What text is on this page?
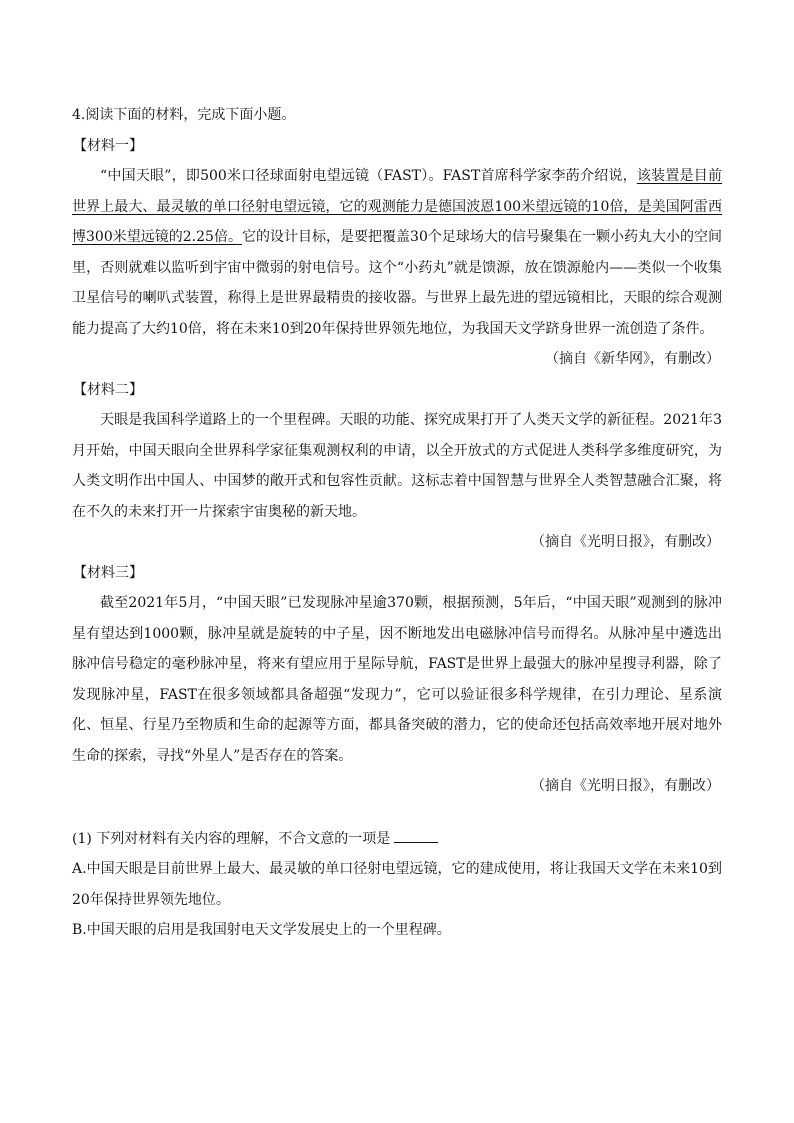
4.阅读下面的材料，完成下面小题。
【材料一】

“中国天眼”，即500米口径球面射电望远镜（FAST）。FAST首席科学家李菂介绍说，该装置是目前世界上最大、最灵敏的单口径射电望远镜，它的观测能力是德国波恩100米望远镜的10倍，是美国阿雷西博300米望远镜的2.25倍。它的设计目标，是要把覆盖30个足球场大的信号聚集在一颗小药丸大小的空间里，否则就难以监听到宇宙中微弱的射电信号。这个“小药丸”就是馈源，放在馈源舱内——类似一个收集卫星信号的喇叭式装置，称得上是世界最精贵的接收器。与世界上最先进的望远镜相比，天眼的综合观测能力提高了大约10倍，将在未来10到20年保持世界领先地位，为我国天文学跻身世界一流创造了条件。

（摘自《新华网》，有删改）
【材料二】

天眼是我国科学道路上的一个里程碑。天眼的功能、探究成果打开了人类天文学的新征程。2021年3月开始，中国天眼向全世界科学家征集观测权利的申请，以全开放式的方式促进人类科学多维度研究，为人类文明作出中国人、中国梦的敞开式和包容性贡献。这标志着中国智慧与世界全人类智慧融合汇聚，将在不久的未来打开一片探索宇宙奥秘的新天地。

（摘自《光明日报》，有删改）
【材料三】

截至2021年5月，“中国天眼”已发现脉冲星逾370颗，根据预测，5年后，“中国天眼”观测到的脉冲星有望达到1000颗，脉冲星就是旋转的中子星，因不断地发出电磁脉冲信号而得名。从脉冲星中遴选出脉冲信号稳定的毫秒脉冲星，将来有望应用于星际导航，FAST是世界上最强大的脉冲星搜寻利器，除了发现脉冲星，FAST在很多领域都具备超强“发现力”，它可以验证很多科学规律，在引力理论、星系演化、恒星、行星乃至物质和生命的起源等方面，都具备突破的潜力，它的使命还包括高效率地开展对地外生命的探索，寻找“外星人”是否存在的答案。

（摘自《光明日报》，有删改）
(1) 下列对材料有关内容的理解，不合文意的一项是

A.中国天眼是目前世界上最大、最灵敏的单口径射电望远镜，它的建成使用，将让我国天文学在未来10到20年保持世界领先地位。

B.中国天眼的启用是我国射电天文学发展史上的一个里程碑。
